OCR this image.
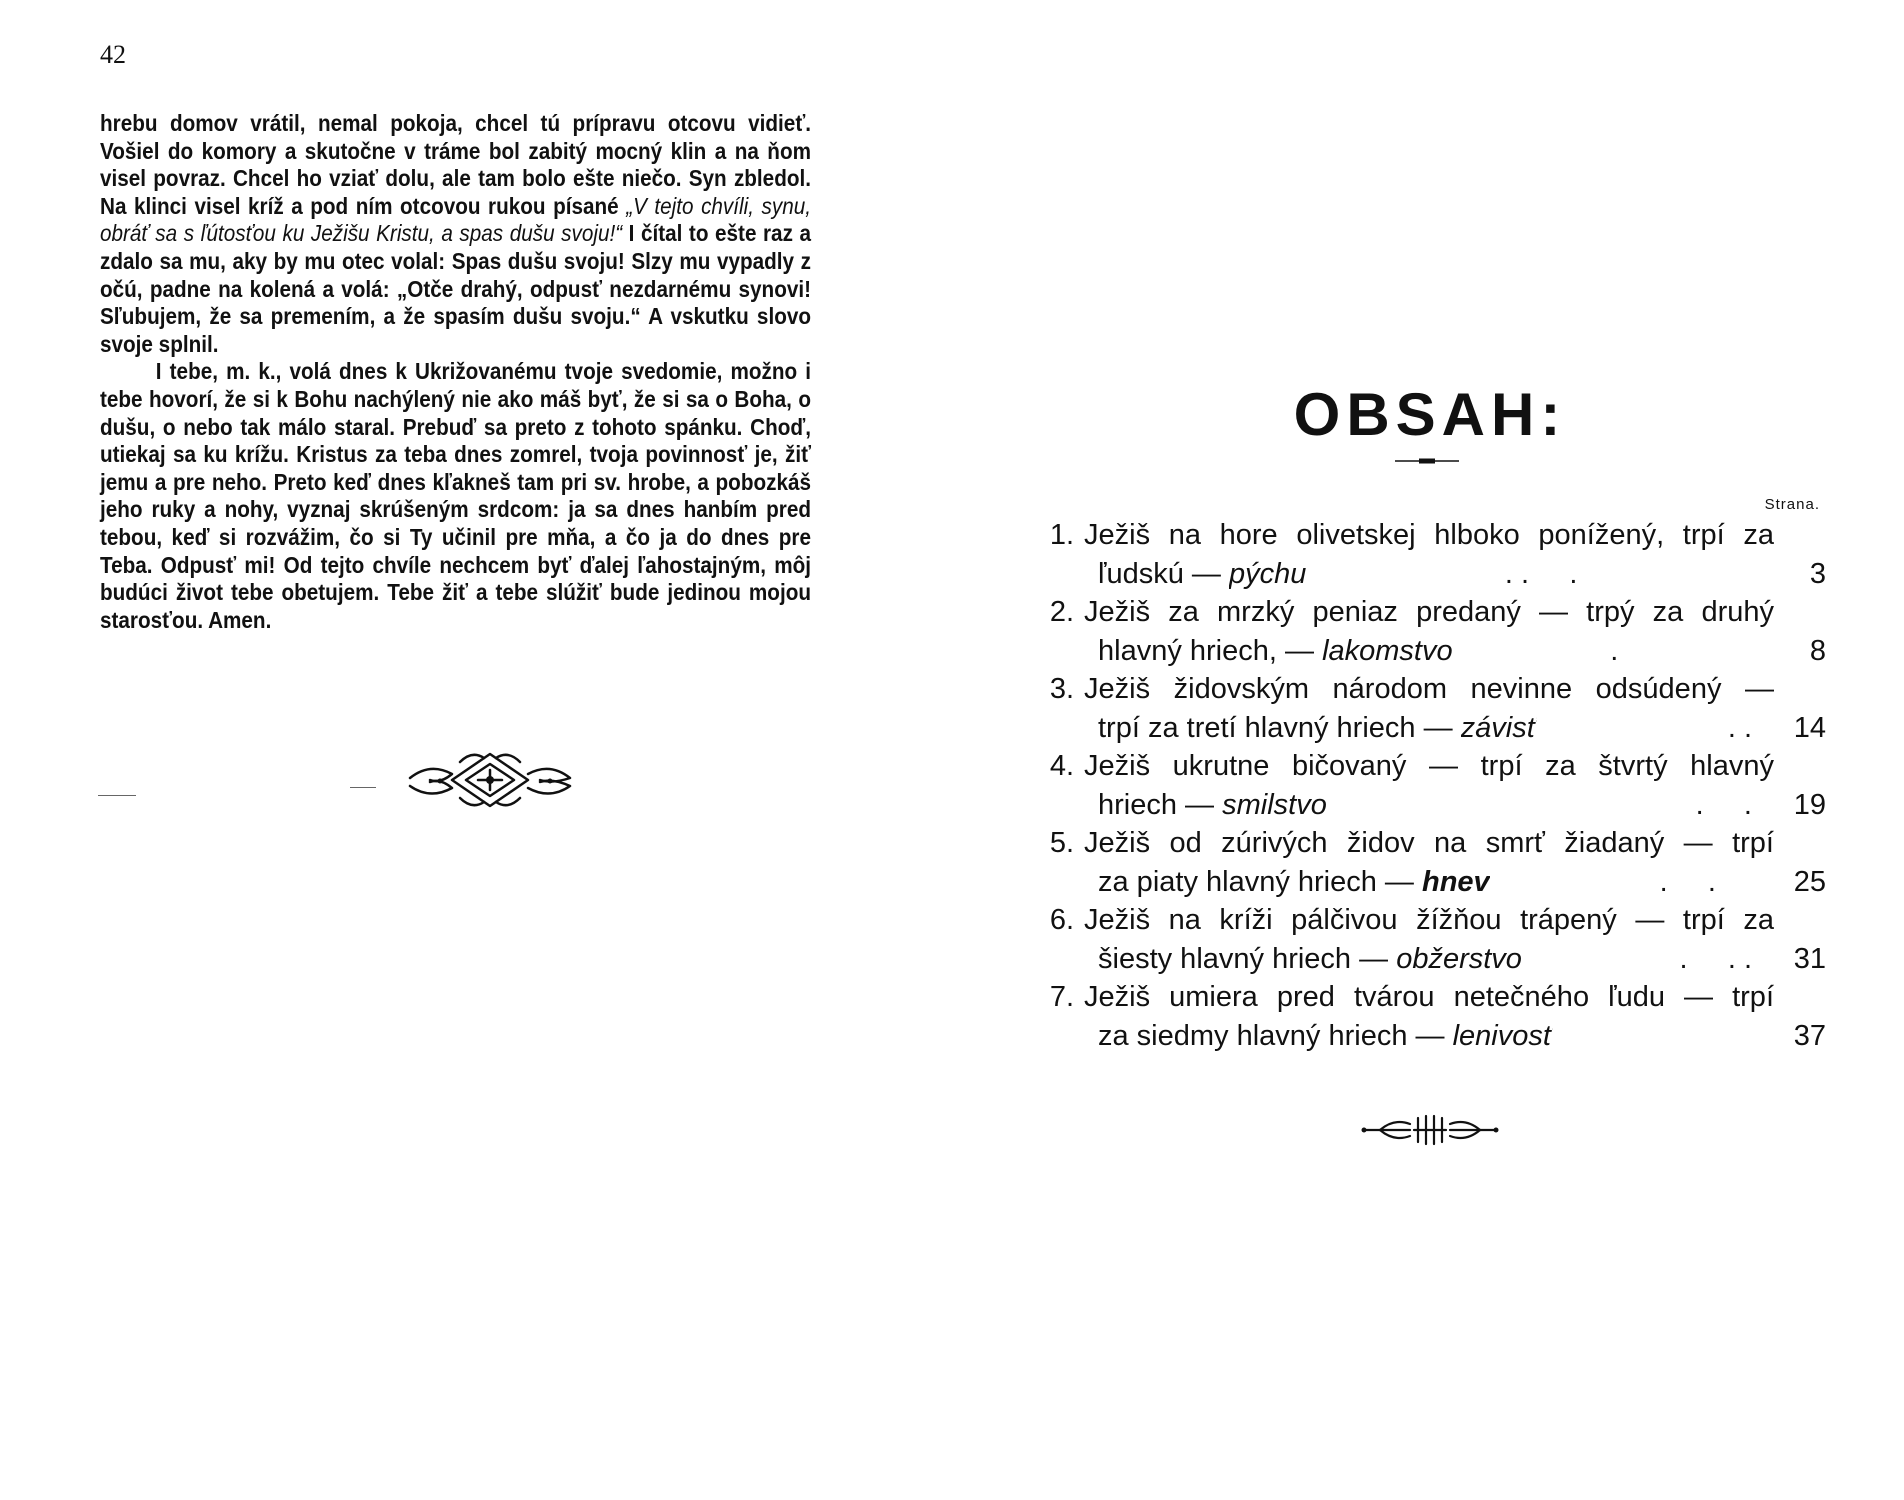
42

hrebu domov vrátil, nemal pokoja, chcel tú prípravu otcovu vidieť. Vošiel do komory a skutočne v tráme bol zabitý mocný klin a na ňom visel povraz. Chcel ho vziať dolu, ale tam bolo ešte niečo. Syn zbledol. Na klinci visel kríž a pod ním otcovou rukou písané „V tejto chvíli, synu, obráť sa s ľútosťou ku Ježišu Kristu, a spas dušu svoju!“ I čítal to ešte raz a zdalo sa mu, aky by mu otec volal: Spas dušu svoju! Slzy mu vypadly z očú, padne na kolená a volá: „Otče drahý, odpusť nezdarnému synovi! Sľubujem, že sa premením, a že spasím dušu svoju.“ A vskutku slovo svoje splnil.

I tebe, m. k., volá dnes k Ukrižovanému tvoje svedomie, možno i tebe hovorí, že si k Bohu nachýlený nie ako máš byť, že si sa o Boha, o dušu, o nebo tak málo staral. Prebuď sa preto z tohoto spánku. Choď, utiekaj sa ku krížu. Kristus za teba dnes zomrel, tvoja povinnosť je, žiť jemu a pre neho. Preto keď dnes kľakneš tam pri sv. hrobe, a pobozkáš jeho ruky a nohy, vyznaj skrúšeným srdcom: ja sa dnes hanbím pred tebou, keď si rozvážim, čo si Ty učinil pre mňa, a čo ja do dnes pre Teba. Odpusť mi! Od tejto chvíle nechcem byť ďalej ľahostajným, môj budúci život tebe obetujem. Tebe žiť a tebe slúžiť bude jedinou mojou starosťou. Amen.

OBSAH:
Strana.
1. Ježiš na hore olivetskej hlboko ponížený, trpí za
ľudskú —
pýchu	. .     .	3
2. Ježiš za mrzký peniaz predaný — trpý za druhý
hlavný hriech, —
lakomstvo	.	8
3. Ježiš židovským národom nevinne odsúdený —
trpí za tretí hlavný hriech —
závisť	. .	14
4. Ježiš ukrutne bičovaný — trpí za štvrtý hlavný
hriech —
smilstvo	.     .	19
5. Ježiš od zúrivých židov na smrť žiadaný — trpí
za piaty hlavný hriech —
hnev	.     .	25
6. Ježiš na kríži pálčivou žížňou trápený — trpí za
šiesty hlavný hriech —
obžerstvo	.     . .	31
7. Ježiš umiera pred tvárou netečného ľudu — trpí
za siedmy hlavný hriech —
lenivosť	37
